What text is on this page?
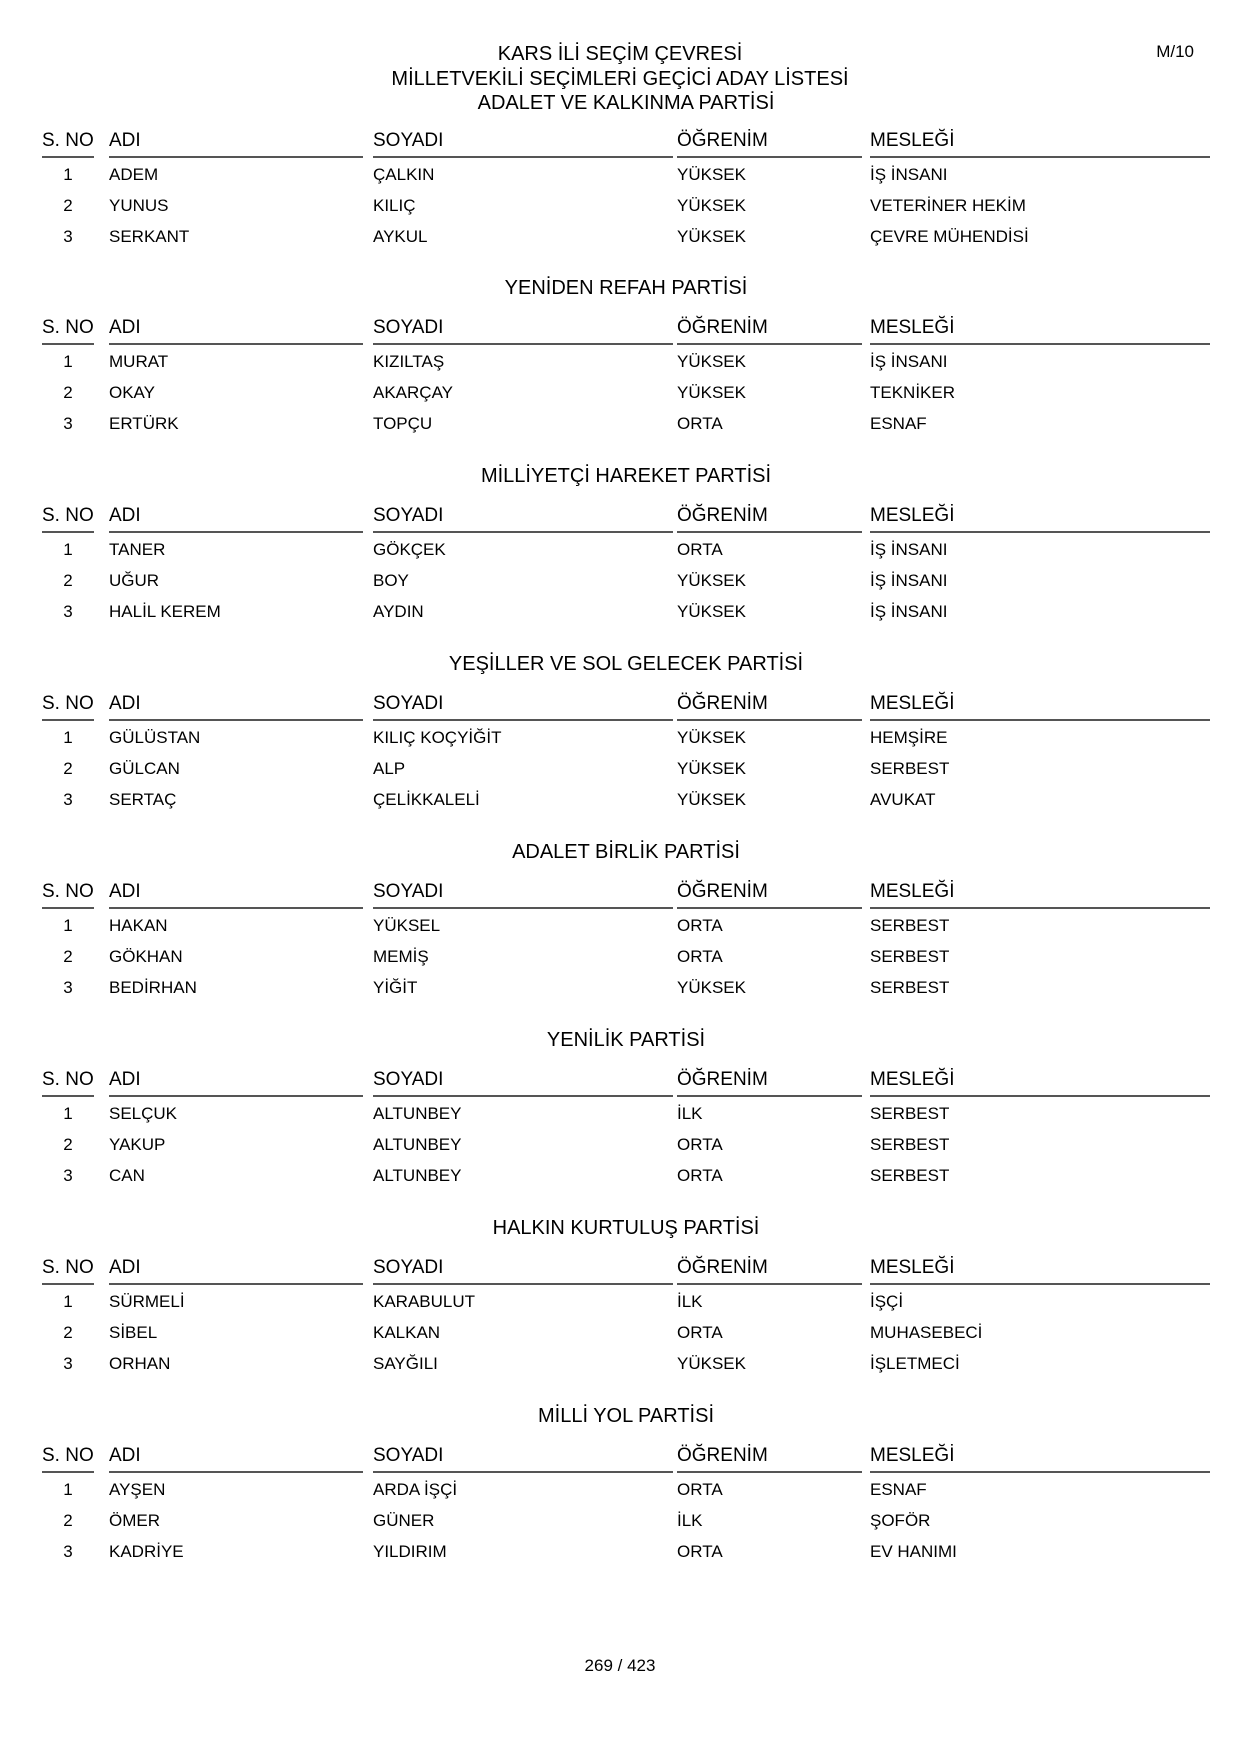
M/10
KARS İLİ SEÇİM ÇEVRESİ
MİLLETVEKİLİ SEÇİMLERİ GEÇİCİ ADAY LİSTESİ
ADALET VE KALKINMA PARTİSİ
S. NO ADI	SOYADI	ÖĞRENİM	MESLEĞİ
1	ADEM	ÇALKIN	YÜKSEK	İŞ İNSANI
2	YUNUS	KILIÇ	YÜKSEK	VETERİNER HEKİM
3	SERKANT	AYKUL	YÜKSEK	ÇEVRE MÜHENDİSİ
YENİDEN REFAH PARTİSİ
S. NO ADI	SOYADI	ÖĞRENİM	MESLEĞİ
1	MURAT	KIZILTAŞ	YÜKSEK	İŞ İNSANI
2	OKAY	AKARÇAY	YÜKSEK	TEKNİKER
3	ERTÜRK	TOPÇU	ORTA	ESNAF
MİLLİYETÇİ HAREKET PARTİSİ
S. NO ADI	SOYADI	ÖĞRENİM	MESLEĞİ
1	TANER	GÖKÇEK	ORTA	İŞ İNSANI
2	UĞUR	BOY	YÜKSEK	İŞ İNSANI
3	HALİL KEREM	AYDIN	YÜKSEK	İŞ İNSANI
YEŞİLLER VE SOL GELECEK PARTİSİ
S. NO ADI	SOYADI	ÖĞRENİM	MESLEĞİ
1	GÜLÜSTAN	KILIÇ KOÇYİĞİT	YÜKSEK	HEMŞİRE
2	GÜLCAN	ALP	YÜKSEK	SERBEST
3	SERTAÇ	ÇELİKKALELİ	YÜKSEK	AVUKAT
ADALET BİRLİK PARTİSİ
S. NO ADI	SOYADI	ÖĞRENİM	MESLEĞİ
1	HAKAN	YÜKSEL	ORTA	SERBEST
2	GÖKHAN	MEMİŞ	ORTA	SERBEST
3	BEDİRHAN	YİĞİT	YÜKSEK	SERBEST
YENİLİK PARTİSİ
S. NO ADI	SOYADI	ÖĞRENİM	MESLEĞİ
1	SELÇUK	ALTUNBEY	İLK	SERBEST
2	YAKUP	ALTUNBEY	ORTA	SERBEST
3	CAN	ALTUNBEY	ORTA	SERBEST
HALKIN KURTULUŞ PARTİSİ
S. NO ADI	SOYADI	ÖĞRENİM	MESLEĞİ
1	SÜRMELİ	KARABULUT	İLK	İŞÇİ
2	SİBEL	KALKAN	ORTA	MUHASEBECİ
3	ORHAN	SAYĞILI	YÜKSEK	İŞLETMECİ
MİLLİ YOL PARTİSİ
S. NO ADI	SOYADI	ÖĞRENİM	MESLEĞİ
1	AYŞEN	ARDA İŞÇİ	ORTA	ESNAF
2	ÖMER	GÜNER	İLK	ŞOFÖR
3	KADRİYE	YILDIRIM	ORTA	EV HANIMI
269 / 423
